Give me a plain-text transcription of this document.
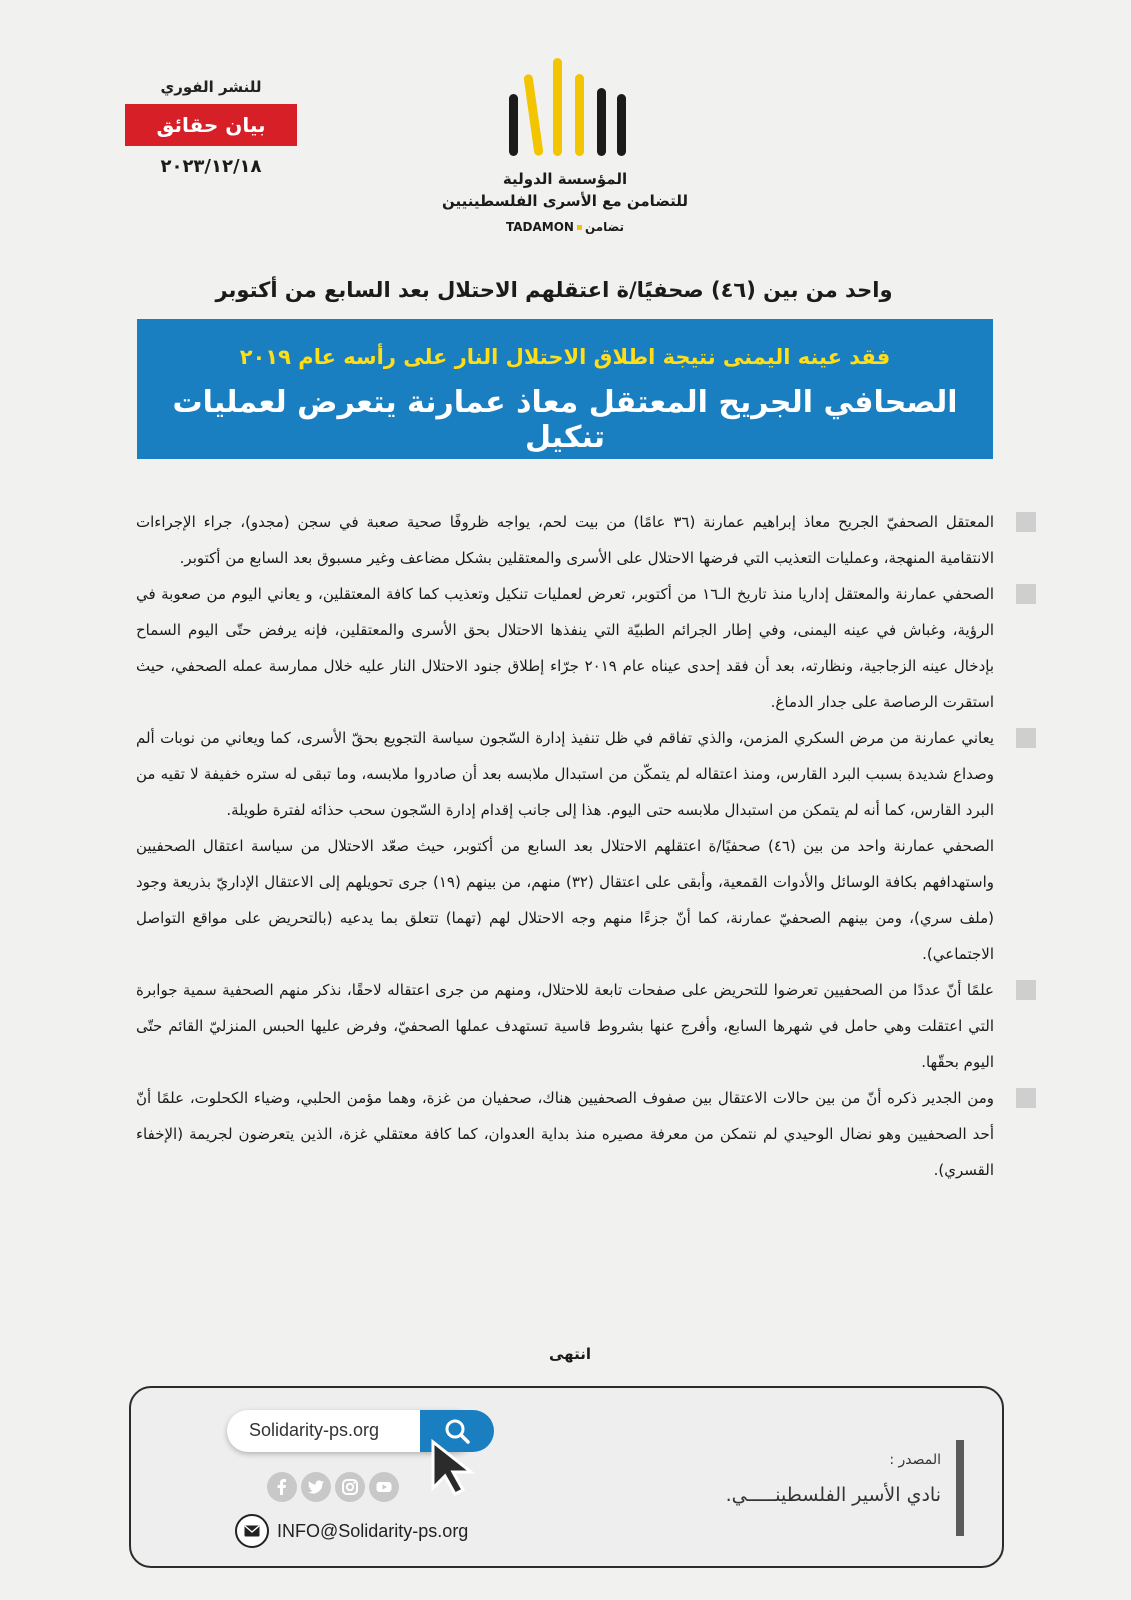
للنشر الفوري
بيان حقائق
٢٠٢٣/١٢/١٨
المؤسسة الدولية
للتضامن مع الأسرى الفلسطينيين
TADAMON تضامن
واحد من بين (٤٦) صحفيًا/ة اعتقلهم الاحتلال بعد السابع من أكتوبر
فقد عينه اليمنى نتيجة اطلاق الاحتلال النار على رأسه عام ٢٠١٩
الصحافي الجريح المعتقل معاذ عمارنة يتعرض لعمليات تنكيل
المعتقل الصحفيّ الجريح معاذ إبراهيم عمارنة (٣٦ عامًا) من بيت لحم، يواجه ظروفًا صحية صعبة في سجن (مجدو)، جراء الإجراءات الانتقامية المنهجة، وعمليات التعذيب التي فرضها الاحتلال على الأسرى والمعتقلين بشكل مضاعف وغير مسبوق بعد السابع من أكتوبر.
الصحفي عمارنة والمعتقل إداريا منذ تاريخ الـ١٦ من أكتوبر، تعرض لعمليات تنكيل وتعذيب كما كافة المعتقلين، و يعاني اليوم من صعوبة في الرؤية، وغباش في عينه اليمنى، وفي إطار الجرائم الطبيّة التي ينفذها الاحتلال بحق الأسرى والمعتقلين، فإنه يرفض حتّى اليوم السماح بإدخال عينه الزجاجية، ونظارته، بعد أن فقد إحدى عيناه عام ٢٠١٩ جرّاء إطلاق جنود الاحتلال النار عليه خلال ممارسة عمله الصحفي، حيث استقرت الرصاصة على جدار الدماغ.
يعاني عمارنة من مرض السكري المزمن، والذي تفاقم في ظل تنفيذ إدارة السّجون سياسة التجويع بحقّ الأسرى، كما ويعاني من نوبات ألم وصداع شديدة بسبب البرد القارس، ومنذ اعتقاله لم يتمكّن من استبدال ملابسه بعد أن صادروا ملابسه، وما تبقى له ستره خفيفة لا تقيه من البرد القارس، كما أنه لم يتمكن من استبدال ملابسه حتى اليوم. هذا إلى جانب إقدام إدارة السّجون سحب حذائه لفترة طويلة.
الصحفي عمارنة واحد من بين (٤٦) صحفيًا/ة اعتقلهم الاحتلال بعد السابع من أكتوبر، حيث صعّد الاحتلال من سياسة اعتقال الصحفيين واستهدافهم بكافة الوسائل والأدوات القمعية، وأبقى على اعتقال (٣٢) منهم، من بينهم (١٩) جرى تحويلهم إلى الاعتقال الإداريّ بذريعة وجود (ملف سري)، ومن بينهم الصحفيّ عمارنة، كما أنّ جزءًا منهم وجه الاحتلال لهم (تهما) تتعلق بما يدعيه (بالتحريض على مواقع التواصل الاجتماعي).
علمًا أنّ عددًا من الصحفيين تعرضوا للتحريض على صفحات تابعة للاحتلال، ومنهم من جرى اعتقاله لاحقًا، نذكر منهم الصحفية سمية جوابرة التي اعتقلت وهي حامل في شهرها السابع، وأفرج عنها بشروط قاسية تستهدف عملها الصحفيّ، وفرض عليها الحبس المنزليّ القائم حتّى اليوم بحقّها.
ومن الجدير ذكره أنّ من بين حالات الاعتقال بين صفوف الصحفيين هناك، صحفيان من غزة، وهما مؤمن الحلبي، وضياء الكحلوت، علمًا أنّ أحد الصحفيين وهو نضال الوحيدي لم نتمكن من معرفة مصيره منذ بداية العدوان، كما كافة معتقلي غزة، الذين يتعرضون لجريمة (الإخفاء القسري).
انتهى
Solidarity-ps.org
INFO@Solidarity-ps.org
المصدر :
نادي الأسير الفلسطينـــــي.
